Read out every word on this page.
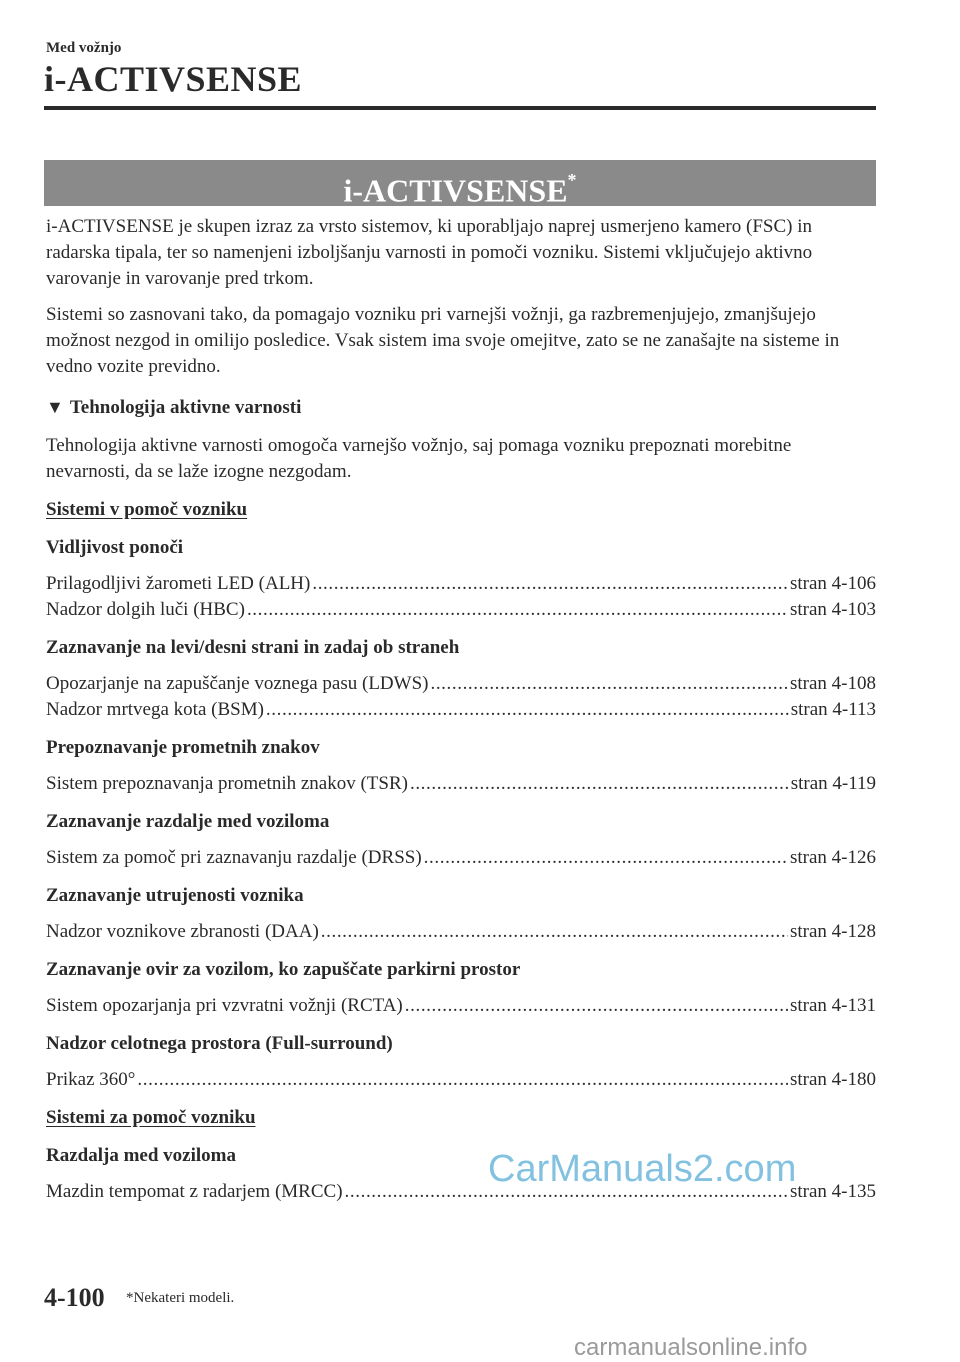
Med vožnjo
i-ACTIVSENSE
i-ACTIVSENSE*

i-ACTIVSENSE je skupen izraz za vrsto sistemov, ki uporabljajo naprej usmerjeno kamero (FSC) in radarska tipala, ter so namenjeni izboljšanju varnosti in pomoči vozniku. Sistemi vključujejo aktivno varovanje in varovanje pred trkom.

Sistemi so zasnovani tako, da pomagajo vozniku pri varnejši vožnji, ga razbremenjujejo, zmanjšujejo možnost nezgod in omilijo posledice. Vsak sistem ima svoje omejitve, zato se ne zanašajte na sisteme in vedno vozite previdno.

▼ Tehnologija aktivne varnosti

Tehnologija aktivne varnosti omogoča varnejšo vožnjo, saj pomaga vozniku prepoznati morebitne nevarnosti, da se laže izogne nezgodam.

Sistemi v pomoč vozniku
Vidljivost ponoči
Prilagodljivi žarometi LED (ALH) .....	stran 4-106
Nadzor dolgih luči (HBC) .....	stran 4-103
Zaznavanje na levi/desni strani in zadaj ob straneh
Opozarjanje na zapuščanje voznega pasu (LDWS) .....	stran 4-108
Nadzor mrtvega kota (BSM) .....	stran 4-113
Prepoznavanje prometnih znakov
Sistem prepoznavanja prometnih znakov (TSR) .....	stran 4-119
Zaznavanje razdalje med voziloma
Sistem za pomoč pri zaznavanju razdalje (DRSS) .....	stran 4-126
Zaznavanje utrujenosti voznika
Nadzor voznikove zbranosti (DAA) .....	stran 4-128
Zaznavanje ovir za vozilom, ko zapuščate parkirni prostor
Sistem opozarjanja pri vzvratni vožnji (RCTA) .....	stran 4-131
Nadzor celotnega prostora (Full-surround)
Prikaz 360° .....	stran 4-180
Sistemi za pomoč vozniku
Razdalja med voziloma
Mazdin tempomat z radarjem (MRCC) .....	stran 4-135
CarManuals2.com
4-100 *Nekateri modeli.
carmanualsonline.info
